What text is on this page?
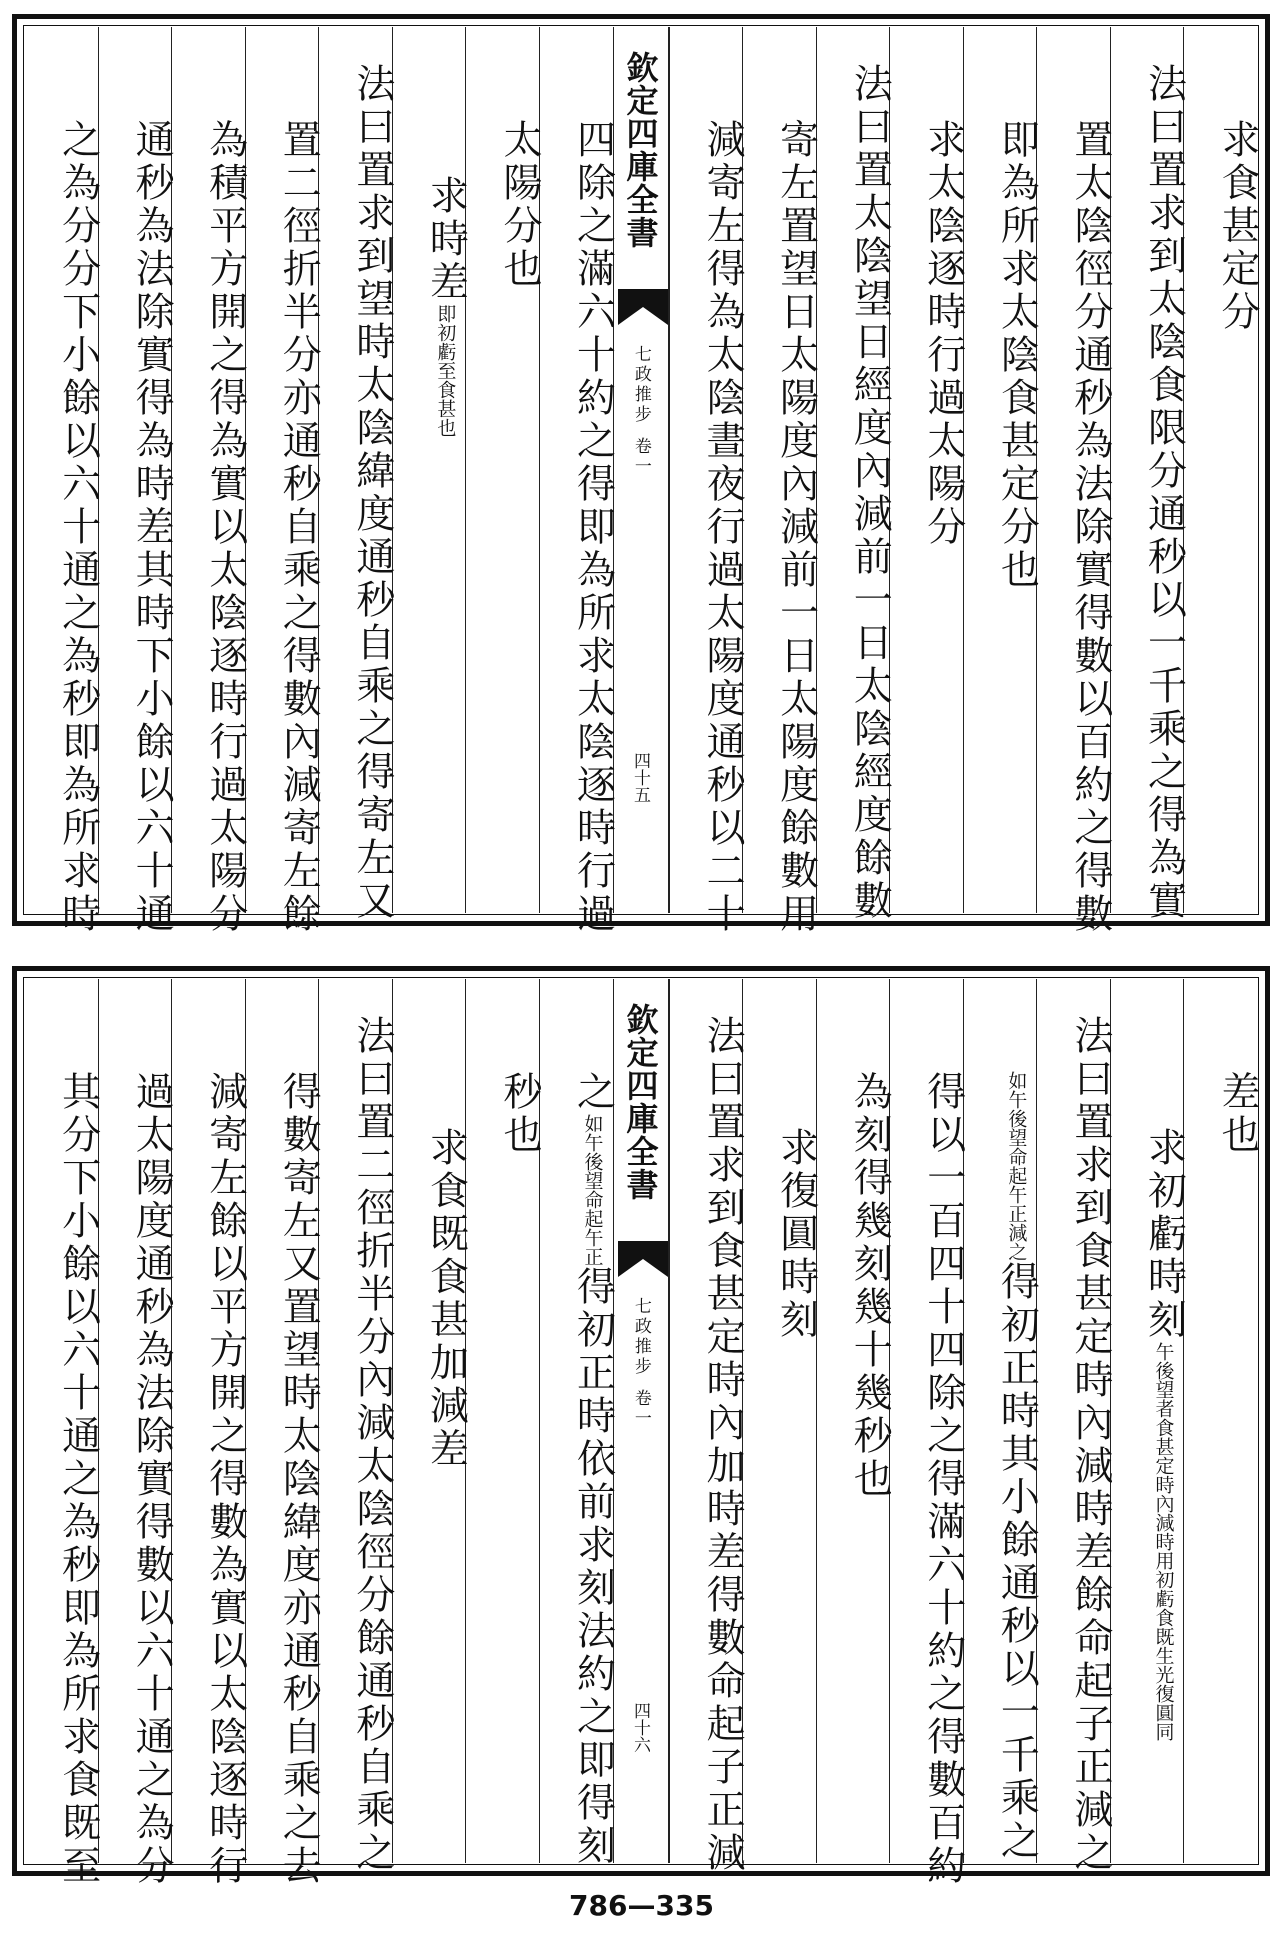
求食甚定分
法曰置求到太陰食限分通秒以一千乘之得為實
置太陰徑分通秒為法除實得數以百約之得數
即為所求太陰食甚定分也
求太陰逐時行過太陽分
法曰置太陰望日經度內減前一日太陰經度餘數
寄左置望日太陽度內減前一日太陽度餘數用
減寄左得為太陰晝夜行過太陽度通秒以二十
欽定四庫全書
七政推步
卷一
四十五
四除之滿六十約之得即為所求太陰逐時行過
太陽分也
求時差即初虧至食甚也
法曰置求到望時太陰緯度通秒自乘之得寄左又
置二徑折半分亦通秒自乘之得數內減寄左餘
為積平方開之得為實以太陰逐時行過太陽分
通秒為法除實得為時差其時下小餘以六十通
之為分分下小餘以六十通之為秒即為所求時
差也
求初虧時刻午後望者食甚定時內減時用初虧食既生光復圓同
法曰置求到食甚定時內減時差餘命起子正減之
如午後望命起午正減之得初正時其小餘通秒以一千乘之
得以一百四十四除之得滿六十約之得數百約
為刻得幾刻幾十幾秒也
求復圓時刻
法曰置求到食甚定時內加時差得數命起子正減
欽定四庫全書
七政推步
卷一
四十六
之如午後望命起午正得初正時依前求刻法約之即得刻
秒也
求食既食甚加減差
法曰置二徑折半分內減太陰徑分餘通秒自乘之
得數寄左又置望時太陰緯度亦通秒自乘之去
減寄左餘以平方開之得數為實以太陰逐時行
過太陽度通秒為法除實得數以六十通之為分
其分下小餘以六十通之為秒即為所求食既至
786—335
